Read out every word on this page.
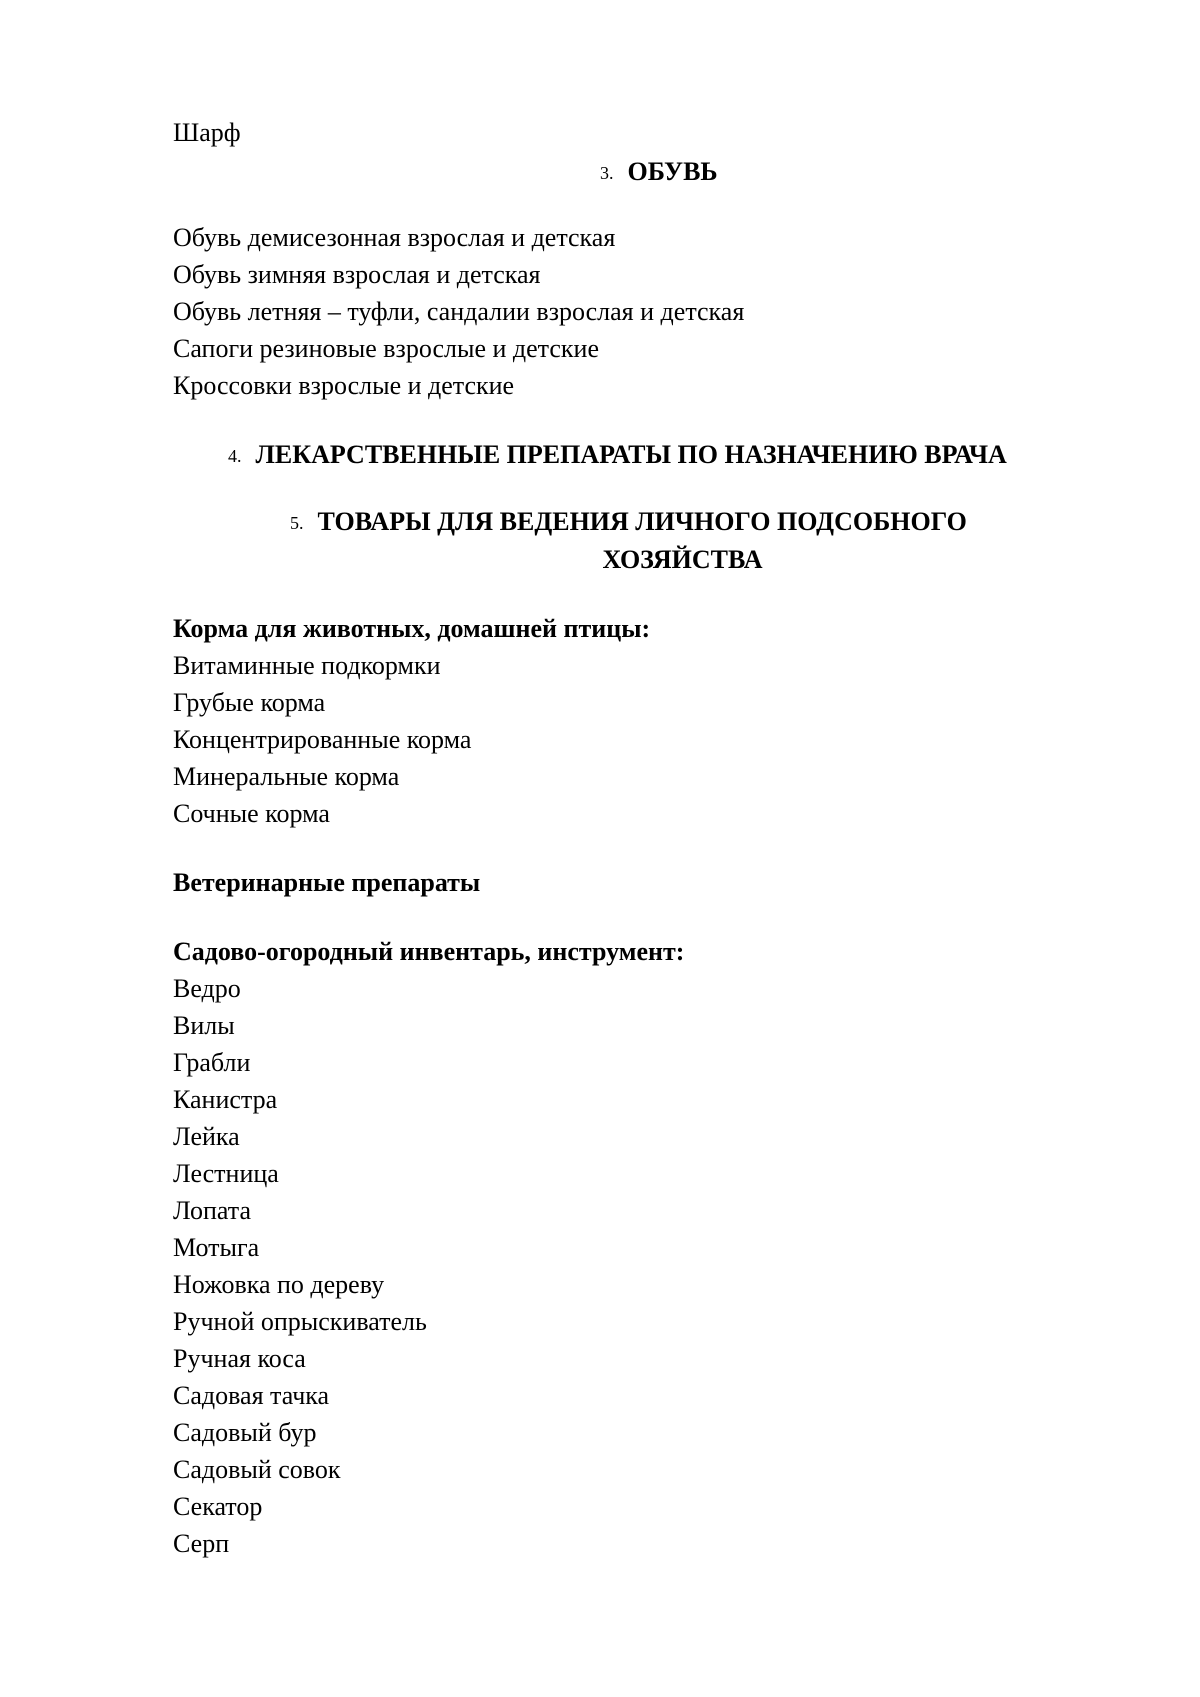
Шарф
3. ОБУВЬ
Обувь демисезонная взрослая и детская
Обувь зимняя взрослая и детская
Обувь летняя – туфли, сандалии взрослая и детская
Сапоги резиновые взрослые и детские
Кроссовки взрослые и детские
4. ЛЕКАРСТВЕННЫЕ ПРЕПАРАТЫ ПО НАЗНАЧЕНИЮ ВРАЧА
5. ТОВАРЫ ДЛЯ ВЕДЕНИЯ ЛИЧНОГО ПОДСОБНОГО
ХОЗЯЙСТВА
Корма для животных, домашней птицы:
Витаминные подкормки
Грубые корма
Концентрированные корма
Минеральные корма
Сочные корма
Ветеринарные препараты
Садово-огородный инвентарь, инструмент:
Ведро
Вилы
Грабли
Канистра
Лейка
Лестница
Лопата
Мотыга
Ножовка по дереву
Ручной опрыскиватель
Ручная коса
Садовая тачка
Садовый бур
Садовый совок
Секатор
Серп
